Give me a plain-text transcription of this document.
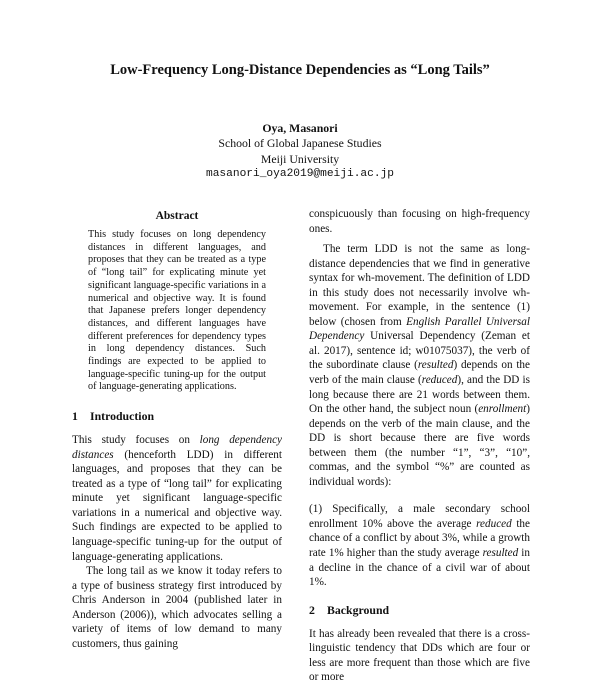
Low-Frequency Long-Distance Dependencies as “Long Tails”
Oya, Masanori
School of Global Japanese Studies
Meiji University
masanori_oya2019@meiji.ac.jp
Abstract

This study focuses on long dependency distances in different languages, and proposes that they can be treated as a type of “long tail” for explicating minute yet significant language-specific variations in a numerical and objective way. It is found that Japanese prefers longer dependency distances, and different languages have different preferences for dependency types in long dependency distances. Such findings are expected to be applied to language-specific tuning-up for the output of language-generating applications.

1 Introduction

This study focuses on long dependency distances (henceforth LDD) in different languages, and proposes that they can be treated as a type of “long tail” for explicating minute yet significant language-specific variations in a numerical and objective way. Such findings are expected to be applied to language-specific tuning-up for the output of language-generating applications.

The long tail as we know it today refers to a type of business strategy first introduced by Chris Anderson in 2004 (published later in Anderson (2006)), which advocates selling a variety of items of low demand to many customers, thus gaining

conspicuously than focusing on high-frequency ones.

The term LDD is not the same as long-distance dependencies that we find in generative syntax for wh-movement. The definition of LDD in this study does not necessarily involve wh-movement. For example, in the sentence (1) below (chosen from English Parallel Universal Dependency Universal Dependency (Zeman et al. 2017), sentence id; w01075037), the verb of the subordinate clause (resulted) depends on the verb of the main clause (reduced), and the DD is long because there are 21 words between them. On the other hand, the subject noun (enrollment) depends on the verb of the main clause, and the DD is short because there are five words between them (the number “1”, “3”, “10”, commas, and the symbol “%” are counted as individual words):

(1) Specifically, a male secondary school enrollment 10% above the average reduced the chance of a conflict by about 3%, while a growth rate 1% higher than the study average resulted in a decline in the chance of a civil war of about 1%.

2 Background

It has already been revealed that there is a cross-linguistic tendency that DDs which are four or less are more frequent than those which are five or more
